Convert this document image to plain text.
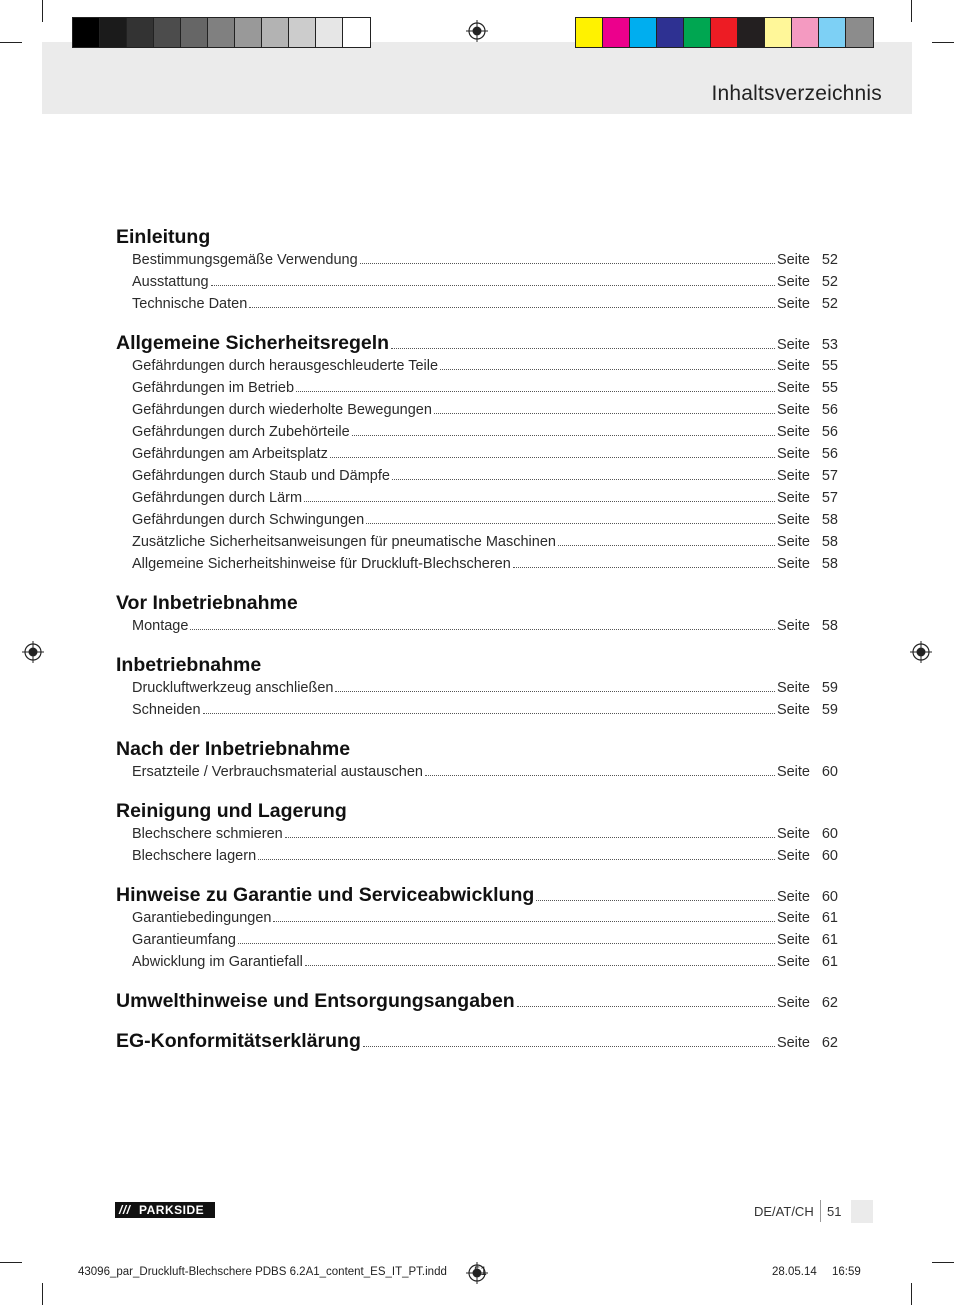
Inhaltsverzeichnis
Einleitung
Bestimmungsgemäße Verwendung	Seite 52
Ausstattung	Seite 52
Technische Daten	Seite 52
Allgemeine Sicherheitsregeln	Seite 53
Gefährdungen durch herausgeschleuderte Teile	Seite 55
Gefährdungen im Betrieb	Seite 55
Gefährdungen durch wiederholte Bewegungen	Seite 56
Gefährdungen durch Zubehörteile	Seite 56
Gefährdungen am Arbeitsplatz	Seite 56
Gefährdungen durch Staub und Dämpfe	Seite 57
Gefährdungen durch Lärm	Seite 57
Gefährdungen durch Schwingungen	Seite 58
Zusätzliche Sicherheitsanweisungen für pneumatische Maschinen	Seite 58
Allgemeine Sicherheitshinweise für Druckluft-Blechscheren	Seite 58
Vor Inbetriebnahme
Montage	Seite 58
Inbetriebnahme
Druckluftwerkzeug anschließen	Seite 59
Schneiden	Seite 59
Nach der Inbetriebnahme
Ersatzteile / Verbrauchsmaterial austauschen	Seite 60
Reinigung und Lagerung
Blechschere schmieren	Seite 60
Blechschere lagern	Seite 60
Hinweise zu Garantie und Serviceabwicklung	Seite 60
Garantiebedingungen	Seite 61
Garantieumfang	Seite 61
Abwicklung im Garantiefall	Seite 61
Umwelthinweise und Entsorgungsangaben	Seite 62
EG-Konformitätserklärung	Seite 62
/// PARKSIDE	DE/AT/CH 51
43096_par_Druckluft-Blechschere PDBS 6.2A1_content_ES_IT_PT.indd 51	28.05.14 16:59
